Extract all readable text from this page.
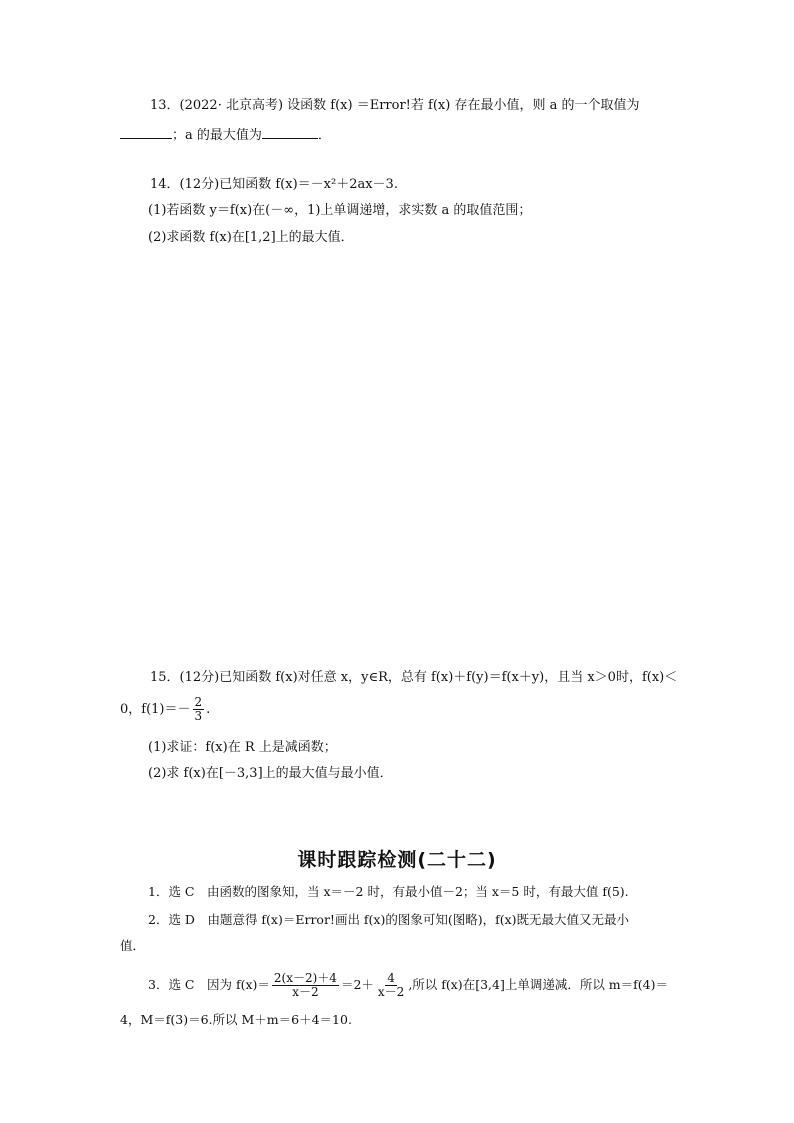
13．(2022· 北京高考) 设函数 f(x) ＝Error!若 f(x) 存在最小值，则 a 的一个取值为
；a 的最大值为	．
14．(12分)已知函数 f(x)＝－x²＋2ax－3.
(1)若函数 y＝f(x)在(－∞，1)上单调递增，求实数 a 的取值范围；
(2)求函数 f(x)在[1,2]上的最大值．
15．(12分)已知函数 f(x)对任意 x，y∈R，总有 f(x)＋f(y)＝f(x＋y)，且当 x＞0时，f(x)＜
0，$f(1)=- \frac{2}{3}$ .
(1)求证：f(x)在 R 上是减函数；
(2)求 f(x)在[－3,3]上的最大值与最小值．
课时跟踪检测(二十二)
1．选 C　由函数的图象知，当 x＝－2 时，有最小值－2；当 x＝5 时，有最大值 f(5).
2．选 D　由题意得 f(x)＝Error!画出 f(x)的图象可知(图略)，f(x)既无最大值又无最小
值．
3．选 C　因为 $f(x)= \frac{2(x-2)+4}{x-2} =2+ \frac{4}{x-2}$ ,所以 f(x)在[3,4]上单调递减．所以 m＝f(4)＝
4，M＝f(3)＝6.所以 M＋m＝6＋4＝10.
